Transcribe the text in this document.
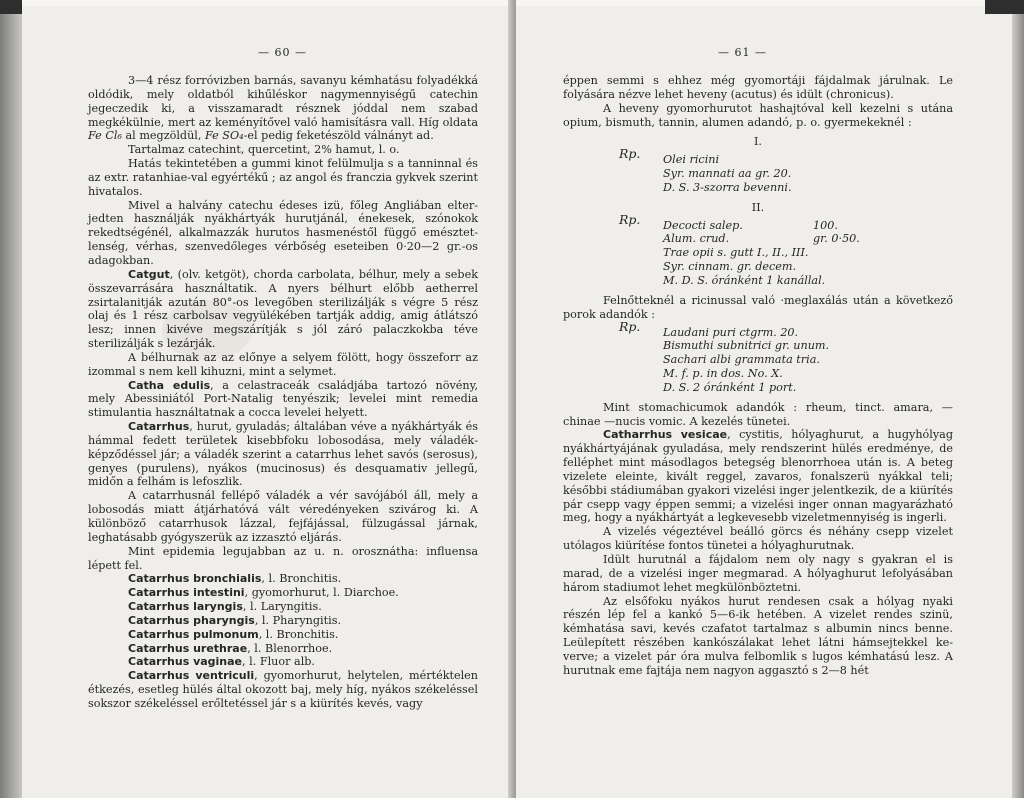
— 60 —	— 61 —

3—4 rész forróvizben barnás, savanyu kémhatásu folyadékká oldódik, mely oldatból kihűléskor nagymennyiségű catechin jegeczedik ki, a visszamaradt résznek jóddal nem szabad megkékülnie, mert az keményítővel való hamisításra vall. Híg oldata Fe Cl₆ al megzöldül, Fe SO₄-el pedig feketészöld válnányt ad.

Tartalmaz catechint, quercetint, 2% hamut, l. o.

Hatás tekintetében a gummi kinot felülmulja s a tanninnal és az extr. ratanhiae-val egyértékű ; az angol és franczia gykvek szerint hivatalos.

Mivel a halvány catechu édeses izü, főleg Angliában elterjedten használják nyákhártyák hurutjánál, énekesek, szónokok rekedtségénél, alkalmazzák hurutos hasmenéstől függő emésztetlenség, vérhas, szenvedőleges vérbőség eseteiben 0·20—2 gr.-os adagokban.

Catgut, (olv. ketgöt), chorda carbolata, bélhur, mely a sebek összevarrására használtatik. A nyers bélhurt előbb aetherrel zsirtalanitják azután 80°-os levegőben sterilizálják s végre 5 rész olaj és 1 rész carbolsav vegyülékében tartják addig, amig átlátszó lesz; innen kivéve megszárítják s jól záró palaczkokba téve sterilizálják s lezárják.

A bélhurnak az az előnye a selyem fölött, hogy összeforr az izommal s nem kell kihuzni, mint a selymet.

Catha edulis, a celastraceák családjába tartozó növény, mely Abessiniától Port-Natalig tenyészik; levelei mint remedia stimulantia használtatnak a cocca levelei helyett.

Catarrhus, hurut, gyuladás; általában véve a nyákhártyák és hámmal fedett területek kisebbfoku lobosodása, mely váladékképződéssel jár; a váladék szerint a catarrhus lehet savós (serosus), genyes (purulens), nyákos (mucinosus) és desquamativ jellegű, midőn a felhám is lefoszlik.

A catarrhusnál fellépő váladék a vér savójából áll, mely a lobosodás miatt átjárhatóvá vált véredényeken szivárog ki. A különböző catarrhusok lázzal, fejfájással, fülzugással járnak, leghatásabb gyógyszerük az izzasztó eljárás.

Mint epidemia legujabban az u. n. orosznátha: influensa lépett fel.

Catarrhus bronchialis, l. Bronchitis.

Catarrhus intestini, gyomorhurut, l. Diarchoe.

Catarrhus laryngis, l. Laryngitis.

Catarrhus pharyngis, l. Pharyngitis.

Catarrhus pulmonum, l. Bronchitis.

Catarrhus urethrae, l. Blenorrhoe.

Catarrhus vaginae, l. Fluor alb.

Catarrhus ventriculi, gyomorhurut, helytelen, mértéktelen étkezés, esetleg hülés által okozott baj, mely híg, nyákos székeléssel sokszor székeléssel erőltetéssel jár s a kiürítés kevés, vagy

éppen semmi s ehhez még gyomortáji fájdalmak járulnak. Le folyására nézve lehet heveny (acutus) és idült (chronicus).

A heveny gyomorhurutot hashajtóval kell kezelni s utána opium, bismuth, tannin, alumen adandó, p. o. gyermekeknél :

I.

Rp. Olei ricini
Syr. mannati aa gr. 20.
D. S. 3-szorra bevenni.

II.

Rp. Decocti salep.	100.
Alum. crud.	gr. 0·50.
Trae opii s. gutt I., II., III.
Syr. cinnam. gr. decem.
M. D. S. óránként 1 kanállal.

Felnőtteknél a ricinussal való ·meglaxálás után a következő porok adandók :

Rp. Laudani puri ctgrm. 20.
Bismuthi subnitrici gr. unum.
Sachari albi grammata tria.
M. f. p. in dos. No. X.
D. S. 2 óránként 1 port.

Mint stomachicumok adandók : rheum, tinct. amara, —chinae —nucis vomic. A kezelés tünetei.

Catharrhus vesicae, cystitis, hólyaghurut, a hugyhólyag nyákhártyájának gyuladása, mely rendszerint hülés eredménye, de felléphet mint másodlagos betegség blenorrhoea után is. A beteg vizelete eleinte, kivált reggel, zavaros, fonalszerü nyákkal teli; későbbi stádiumában gyakori vizelési inger jelentkezik, de a kiürítés pár csepp vagy éppen semmi; a vizelési inger onnan magyarázható meg, hogy a nyákhártyát a legkevesebb vizeletmennyiség is ingerli.

A vizelés végeztével beálló görcs és néhány csepp vizelet utólagos kiürítése fontos tünetei a hólyaghurutnak.

Idült hurutnál a fájdalom nem oly nagy s gyakran el is marad, de a vizelési inger megmarad. A hólyaghurut lefolyásában három stadiumot lehet megkülönböztetni.

Az elsőfoku nyákos hurut rendesen csak a hólyag nyaki részén lép fel a kankó 5—6-ik hetében. A vizelet rendes szinü, kémhatása savi, kevés czafatot tartalmaz s albumin nincs benne. Leülepített részében kankószálakat lehet látni hámsejtekkel keverve; a vizelet pár óra mulva felbomlik s lugos kémhatású lesz. A hurutnak eme fajtája nem nagyon aggasztó s 2—8 hét
